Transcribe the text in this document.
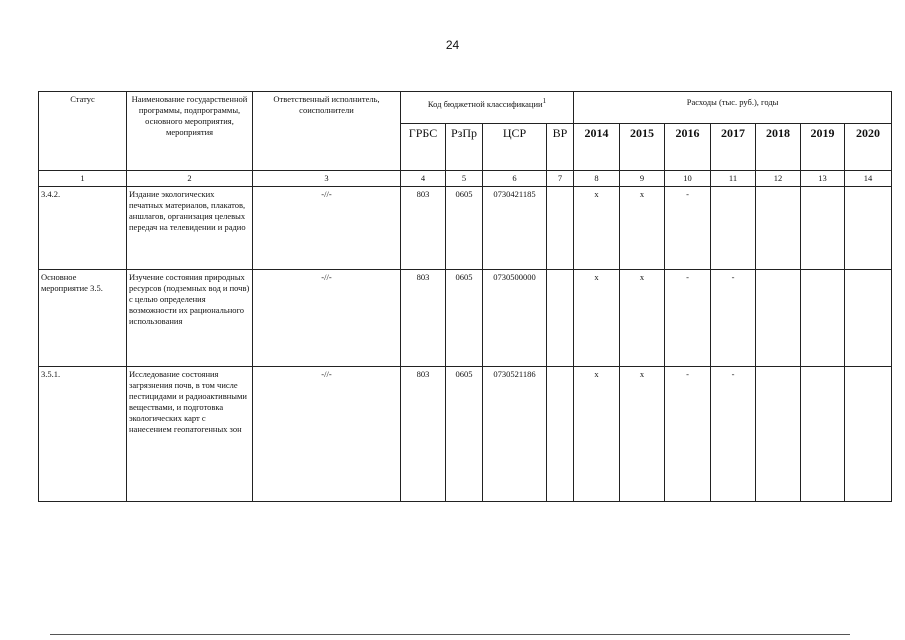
24
Статус	Наименование государственной программы, подпрограммы, основного мероприятия, мероприятия	Ответственный исполнитель, соисполнители	Код бюджетной классификации$^1$				Расходы (тыс. руб.), годы						
			ГРБС	РзПр	ЦСР	ВР	2014	2015	2016	2017	2018	2019	2020
1	2	3	4	5	6	7	8	9	10	11	12	13	14
3.4.2.	Издание экологических печатных материалов, плакатов, аншлагов, организация целевых передач на телевидении и радио	-//-	803	0605	0730421185		x	x	-				
Основное мероприятие 3.5.	Изучение состояния природных ресурсов (подземных вод и почв) с целью определения возможности их рационального использования	-//-	803	0605	0730500000		x	x	-	-			
3.5.1.	Исследование состояния загрязнения почв, в том числе пестицидами и радиоактивными веществами, и подготовка экологических карт с нанесением геопатогенных зон	-//-	803	0605	0730521186		x	x	-	-			
